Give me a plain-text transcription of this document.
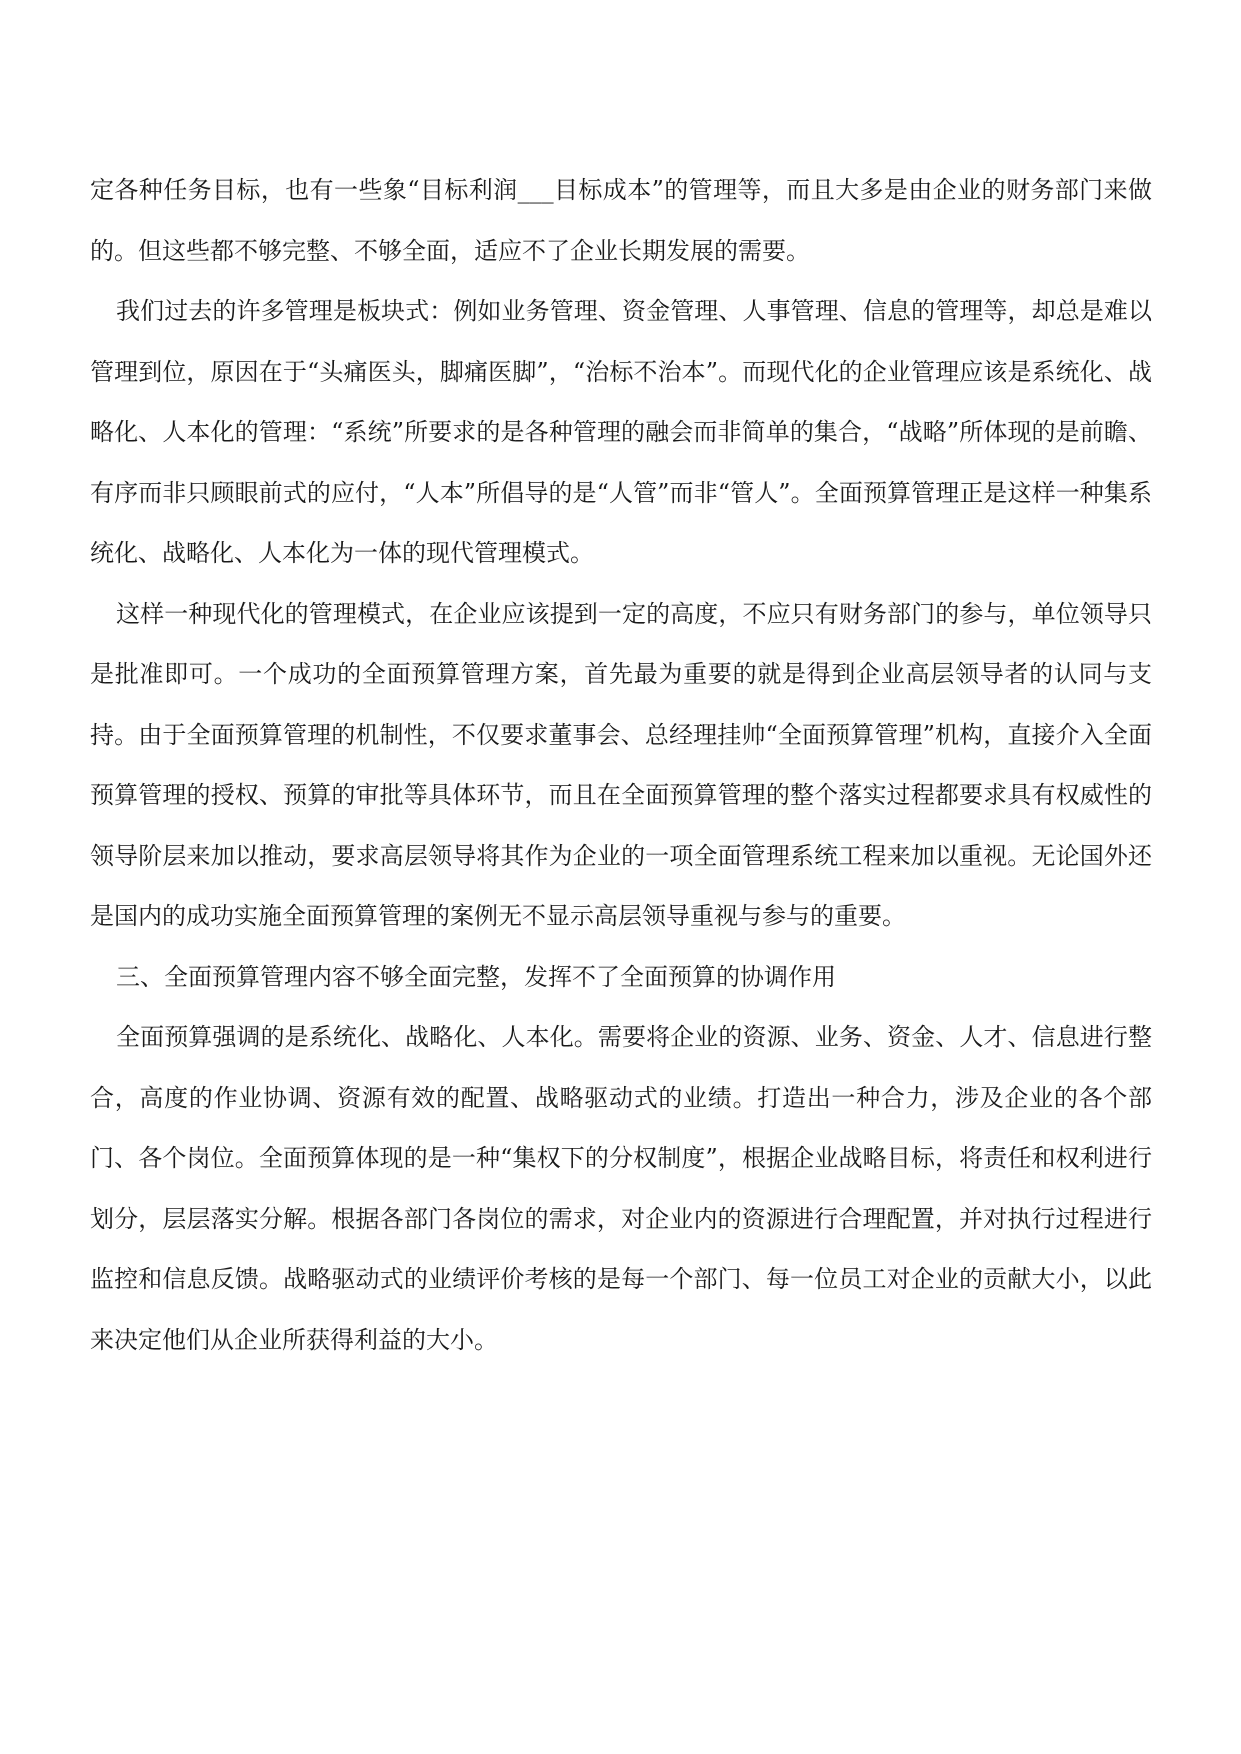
定各种任务目标，也有一些象“目标利润___目标成本”的管理等，而且大多是由企业的财务部门来做的。但这些都不够完整、不够全面，适应不了企业长期发展的需要。

我们过去的许多管理是板块式：例如业务管理、资金管理、人事管理、信息的管理等，却总是难以管理到位，原因在于“头痛医头，脚痛医脚”，“治标不治本”。而现代化的企业管理应该是系统化、战略化、人本化的管理：“系统”所要求的是各种管理的融会而非简单的集合，“战略”所体现的是前瞻、有序而非只顾眼前式的应付，“人本”所倡导的是“人管”而非“管人”。全面预算管理正是这样一种集系统化、战略化、人本化为一体的现代管理模式。

这样一种现代化的管理模式，在企业应该提到一定的高度，不应只有财务部门的参与，单位领导只是批准即可。一个成功的全面预算管理方案，首先最为重要的就是得到企业高层领导者的认同与支持。由于全面预算管理的机制性，不仅要求董事会、总经理挂帅“全面预算管理”机构，直接介入全面预算管理的授权、预算的审批等具体环节，而且在全面预算管理的整个落实过程都要求具有权威性的领导阶层来加以推动，要求高层领导将其作为企业的一项全面管理系统工程来加以重视。无论国外还是国内的成功实施全面预算管理的案例无不显示高层领导重视与参与的重要。

三、全面预算管理内容不够全面完整，发挥不了全面预算的协调作用

全面预算强调的是系统化、战略化、人本化。需要将企业的资源、业务、资金、人才、信息进行整合，高度的作业协调、资源有效的配置、战略驱动式的业绩。打造出一种合力，涉及企业的各个部门、各个岗位。全面预算体现的是一种“集权下的分权制度”，根据企业战略目标，将责任和权利进行划分，层层落实分解。根据各部门各岗位的需求，对企业内的资源进行合理配置，并对执行过程进行监控和信息反馈。战略驱动式的业绩评价考核的是每一个部门、每一位员工对企业的贡献大小，以此来决定他们从企业所获得利益的大小。
